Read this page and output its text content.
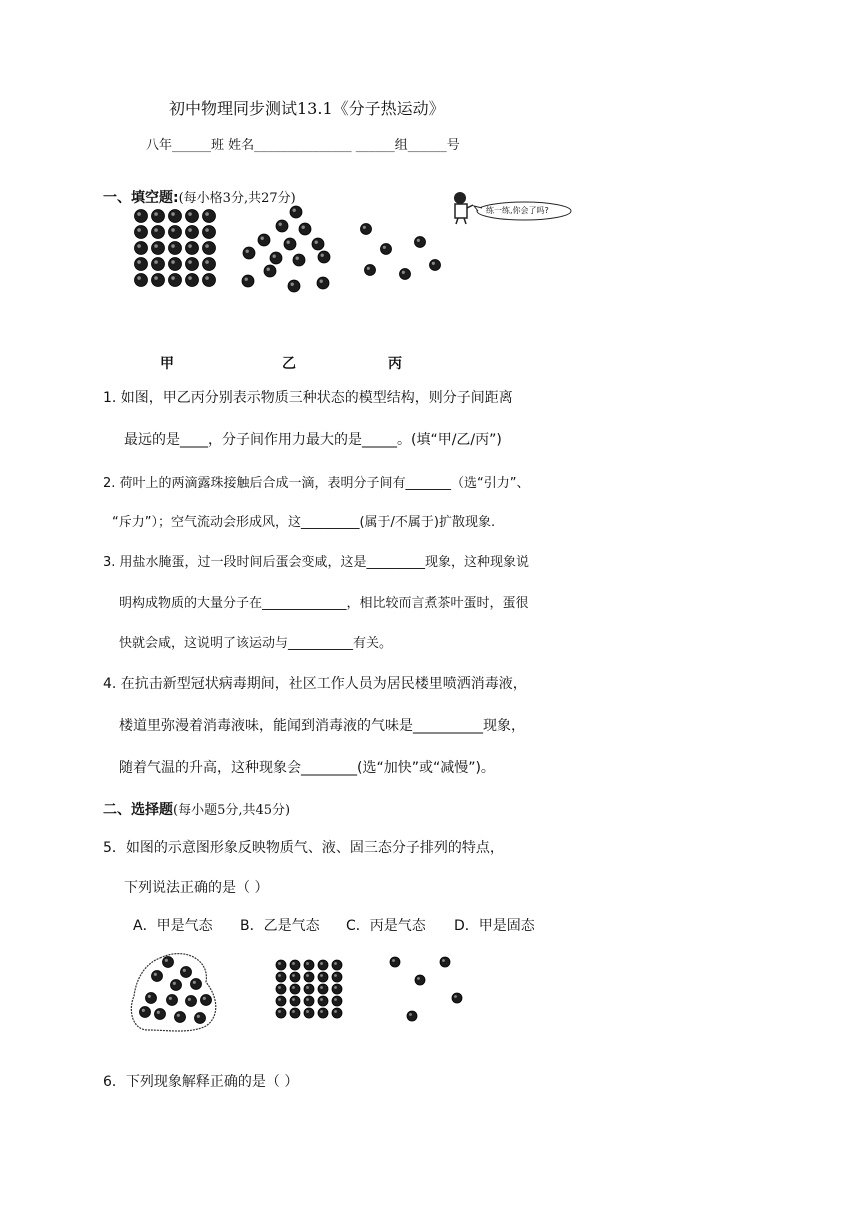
初中物理同步测试13.1《分子热运动》
八年______班 姓名_______________ ______组______号
一、填空题:(每小格3分,共27分)
练一练,你会了吗?
甲	乙	丙
1. 如图，甲乙丙分别表示物质三种状态的模型结构，则分子间距离
最远的是____，分子间作用力最大的是_____。(填“甲/乙/丙”)
2. 荷叶上的两滴露珠接触后合成一滴，表明分子间有_______（选“引力”、
“斥力”）；空气流动会形成风，这_________(属于/不属于)扩散现象.
3. 用盐水腌蛋，过一段时间后蛋会变咸，这是_________现象，这种现象说
明构成物质的大量分子在_____________，相比较而言煮茶叶蛋时，蛋很
快就会咸，这说明了该运动与__________有关。
4. 在抗击新型冠状病毒期间，社区工作人员为居民楼里喷洒消毒液，
楼道里弥漫着消毒液味，能闻到消毒液的气味是__________现象，
随着气温的升高，这种现象会________(选“加快”或“减慢”)。
二、选择题(每小题5分,共45分)
5．如图的示意图形象反映物质气、液、固三态分子排列的特点，
下列说法正确的是（ ）
A．甲是气态 B．乙是气态 C．丙是气态 D．甲是固态
6．下列现象解释正确的是（ ）
